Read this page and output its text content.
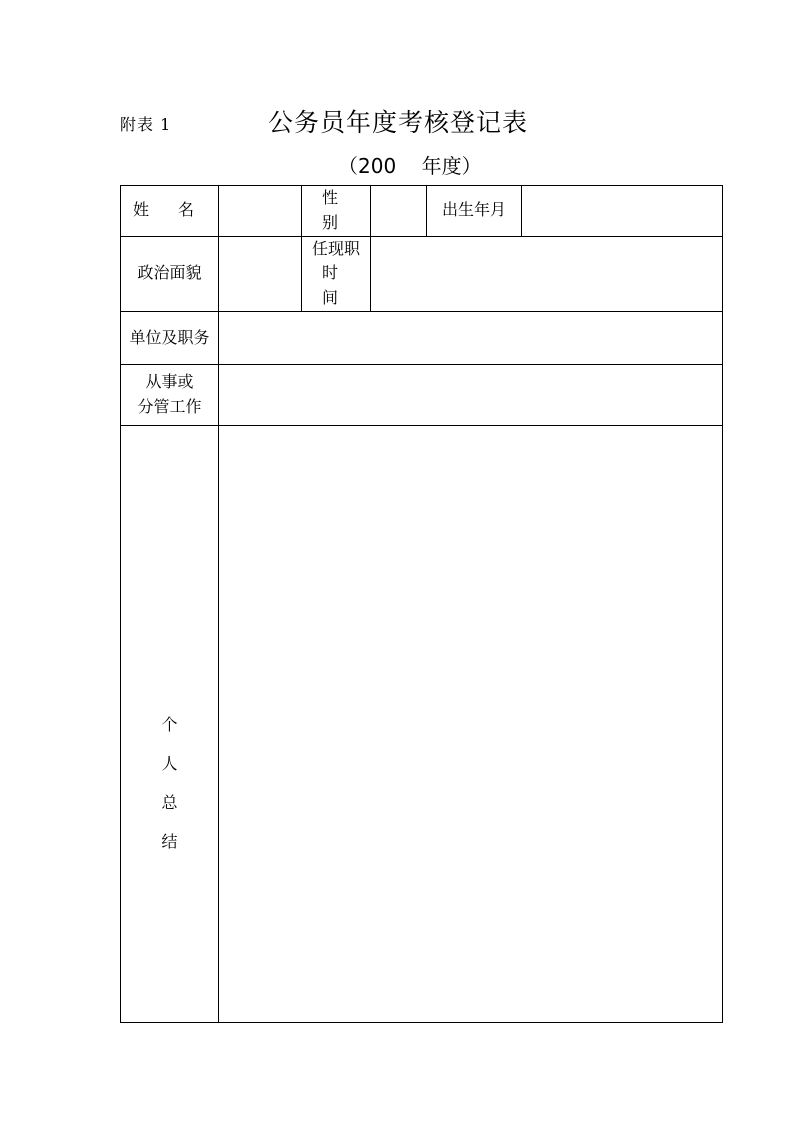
附表 1	公务员年度考核登记表
（200    年度）
姓 名		性 别		出生年月	
政治面貌		任现职
时 间			

单位及职务					

从事或
分管工作					

个
人
总
结					
